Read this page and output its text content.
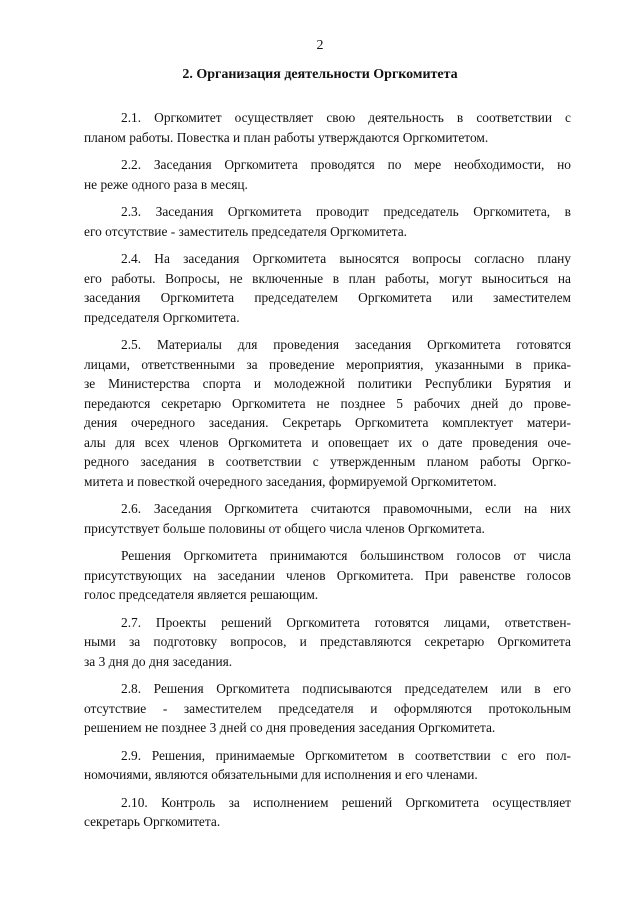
2
2. Организация деятельности Оргкомитета

2.1. Оргкомитет осуществляет свою деятельность в соответствии с
планом работы. Повестка и план работы утверждаются Оргкомитетом.

2.2. Заседания Оргкомитета проводятся по мере необходимости, но
не реже одного раза в месяц.

2.3. Заседания Оргкомитета проводит председатель Оргкомитета, в
его отсутствие - заместитель председателя Оргкомитета.

2.4. На заседания Оргкомитета выносятся вопросы согласно плану
его работы. Вопросы, не включенные в план работы, могут выноситься на
заседания Оргкомитета председателем Оргкомитета или заместителем
председателя Оргкомитета.

2.5. Материалы для проведения заседания Оргкомитета готовятся
лицами, ответственными за проведение мероприятия, указанными в прика-
зе Министерства спорта и молодежной политики Республики Бурятия и
передаются секретарю Оргкомитета не позднее 5 рабочих дней до прове-
дения очередного заседания. Секретарь Оргкомитета комплектует матери-
алы для всех членов Оргкомитета и оповещает их о дате проведения оче-
редного заседания в соответствии с утвержденным планом работы Оргко-
митета и повесткой очередного заседания, формируемой Оргкомитетом.

2.6. Заседания Оргкомитета считаются правомочными, если на них
присутствует больше половины от общего числа членов Оргкомитета.

Решения Оргкомитета принимаются большинством голосов от числа
присутствующих на заседании членов Оргкомитета. При равенстве голосов
голос председателя является решающим.

2.7. Проекты решений Оргкомитета готовятся лицами, ответствен-
ными за подготовку вопросов, и представляются секретарю Оргкомитета
за 3 дня до дня заседания.

2.8. Решения Оргкомитета подписываются председателем или в его
отсутствие - заместителем председателя и оформляются протокольным
решением не позднее 3 дней со дня проведения заседания Оргкомитета.

2.9. Решения, принимаемые Оргкомитетом в соответствии с его пол-
номочиями, являются обязательными для исполнения и его членами.

2.10. Контроль за исполнением решений Оргкомитета осуществляет
секретарь Оргкомитета.
